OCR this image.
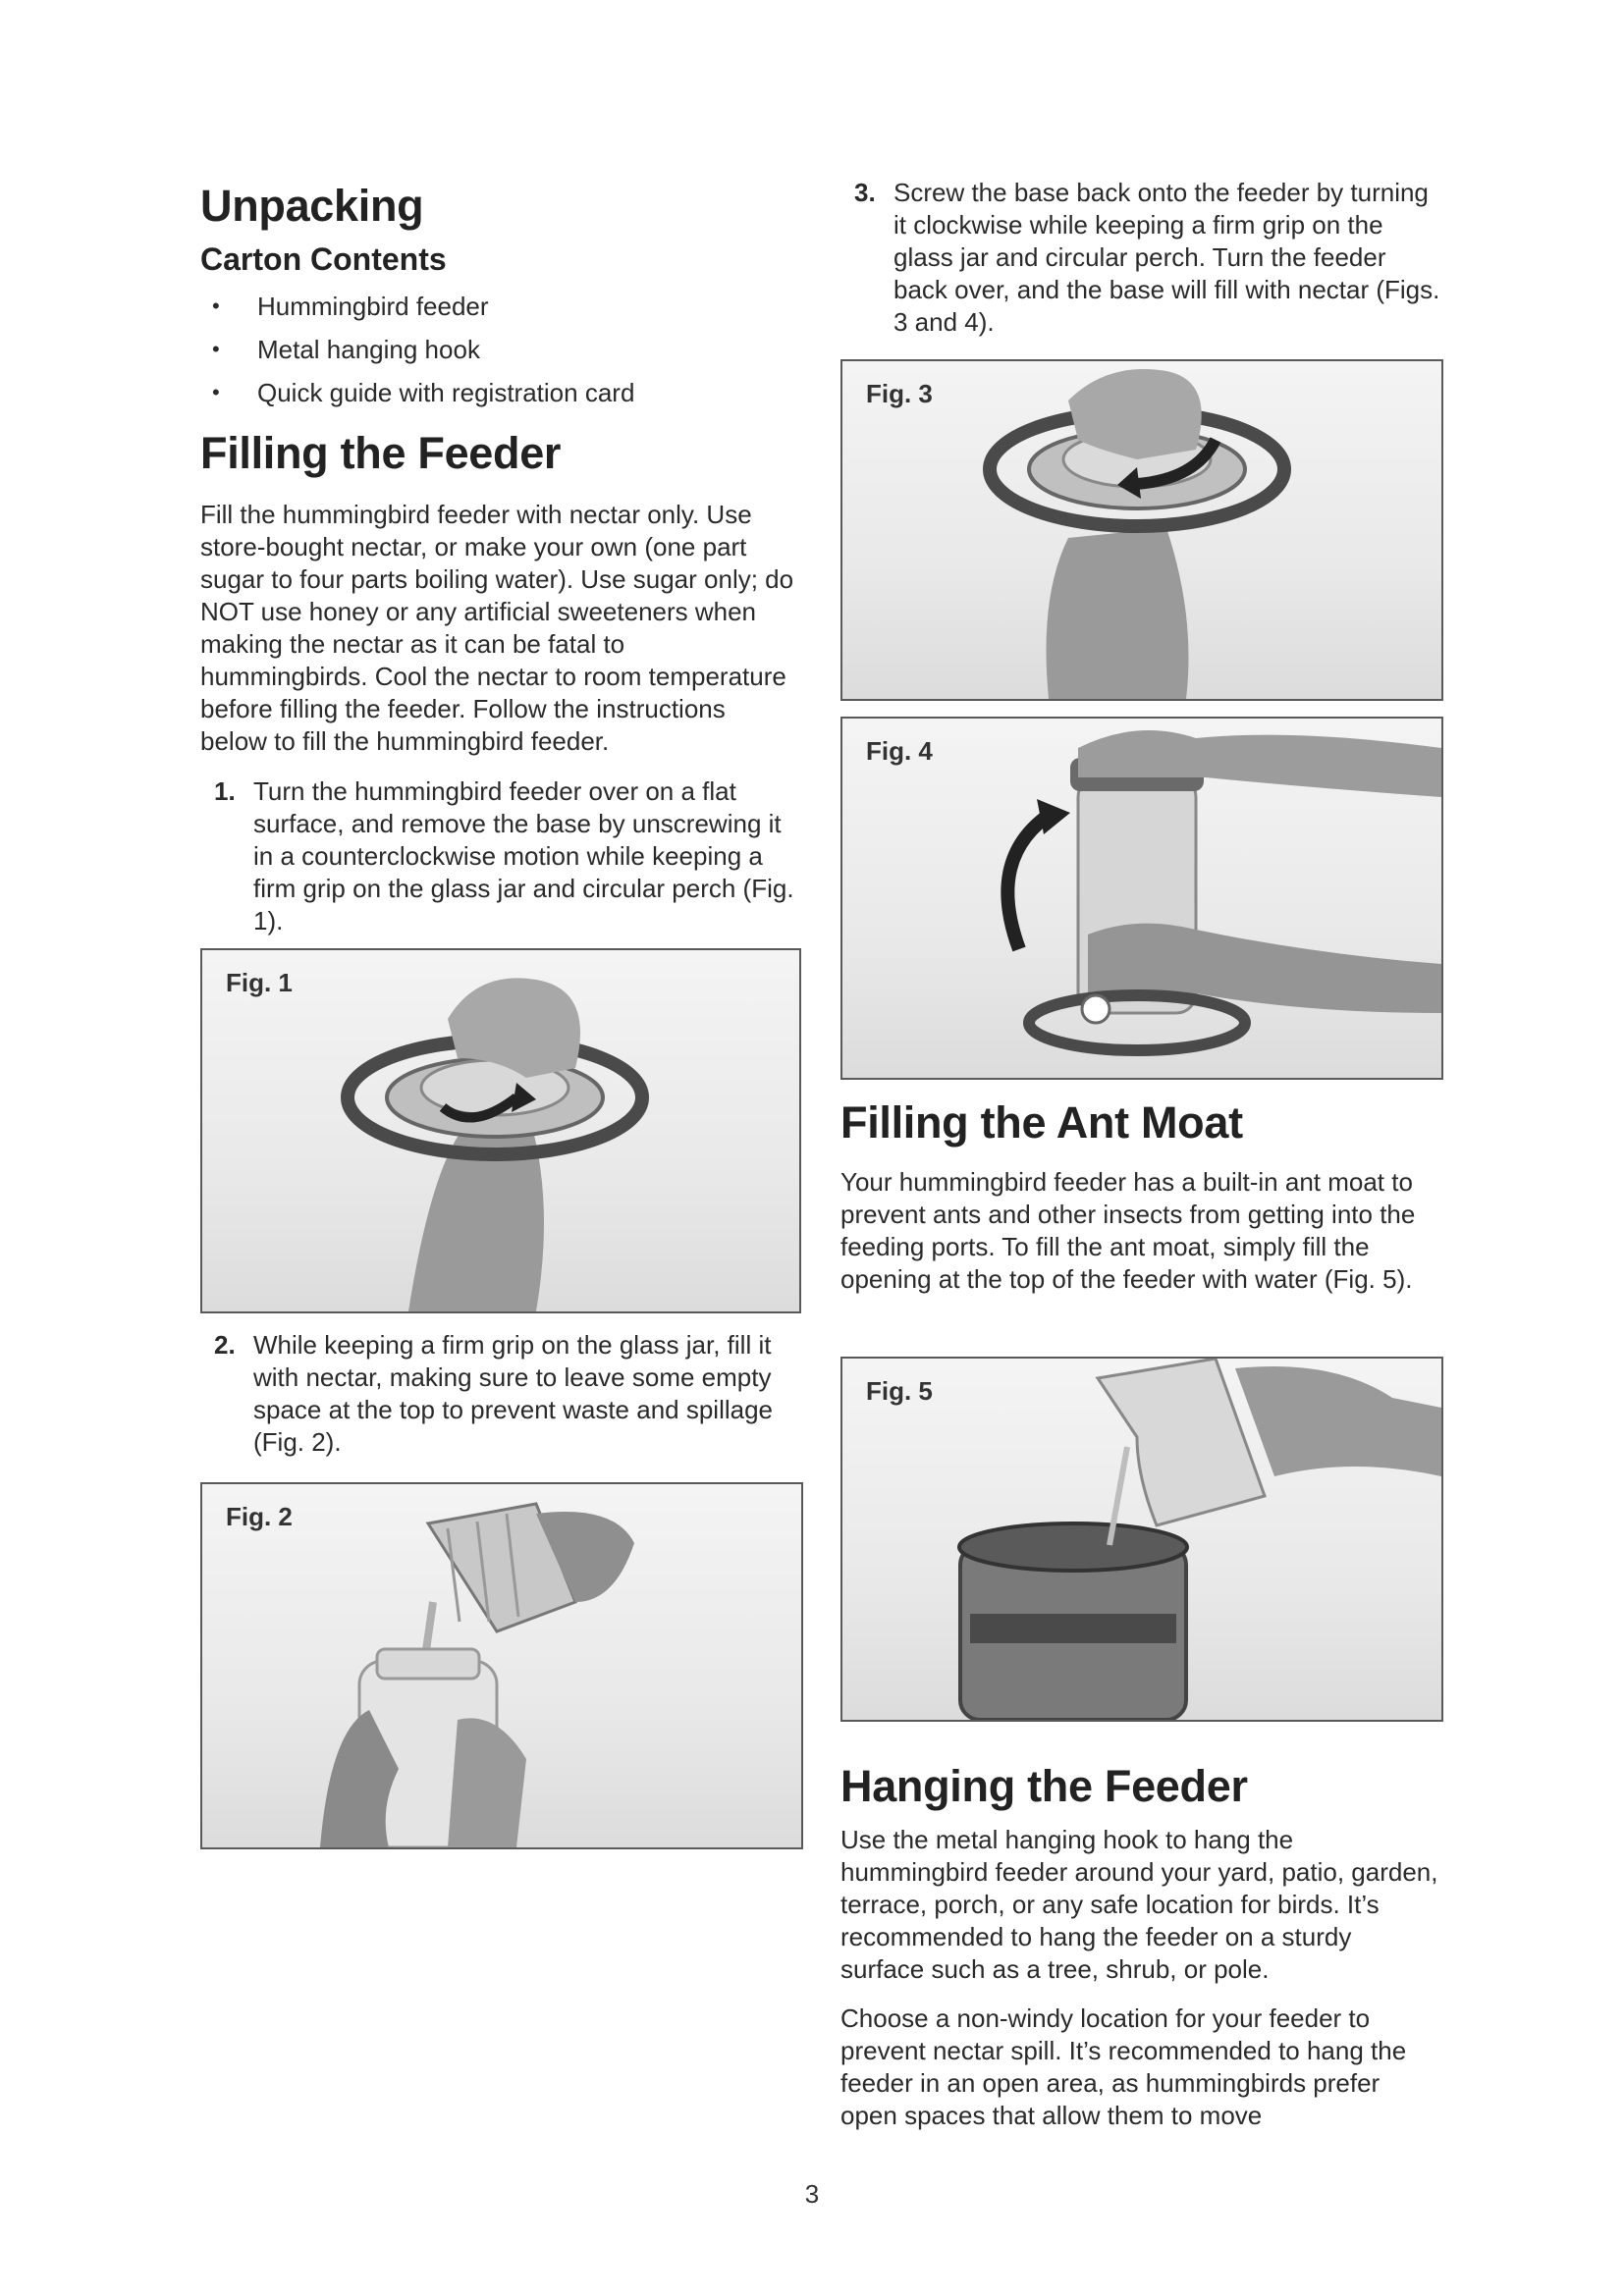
Unpacking
Carton Contents
• Hummingbird feeder
• Metal hanging hook
• Quick guide with registration card
Filling the Feeder

Fill the hummingbird feeder with nectar only. Use store-bought nectar, or make your own (one part sugar to four parts boiling water). Use sugar only; do NOT use honey or any artificial sweeteners when making the nectar as it can be fatal to hummingbirds. Cool the nectar to room temperature before filling the feeder. Follow the instructions below to fill the hummingbird feeder.

1. Turn the hummingbird feeder over on a flat surface, and remove the base by unscrewing it in a counterclockwise motion while keeping a firm grip on the glass jar and circular perch (Fig. 1).
Fig. 1
2. While keeping a firm grip on the glass jar, fill it with nectar, making sure to leave some empty space at the top to prevent waste and spillage (Fig. 2).
Fig. 2
3. Screw the base back onto the feeder by turning it clockwise while keeping a firm grip on the glass jar and circular perch. Turn the feeder back over, and the base will fill with nectar (Figs. 3 and 4).
Fig. 3
Fig. 4
Filling the Ant Moat

Your hummingbird feeder has a built-in ant moat to prevent ants and other insects from getting into the feeding ports. To fill the ant moat, simply fill the opening at the top of the feeder with water (Fig. 5).

Fig. 5
Hanging the Feeder

Use the metal hanging hook to hang the hummingbird feeder around your yard, patio, garden, terrace, porch, or any safe location for birds. It’s recommended to hang the feeder on a sturdy surface such as a tree, shrub, or pole.

Choose a non-windy location for your feeder to prevent nectar spill. It’s recommended to hang the feeder in an open area, as hummingbirds prefer open spaces that allow them to move

3
